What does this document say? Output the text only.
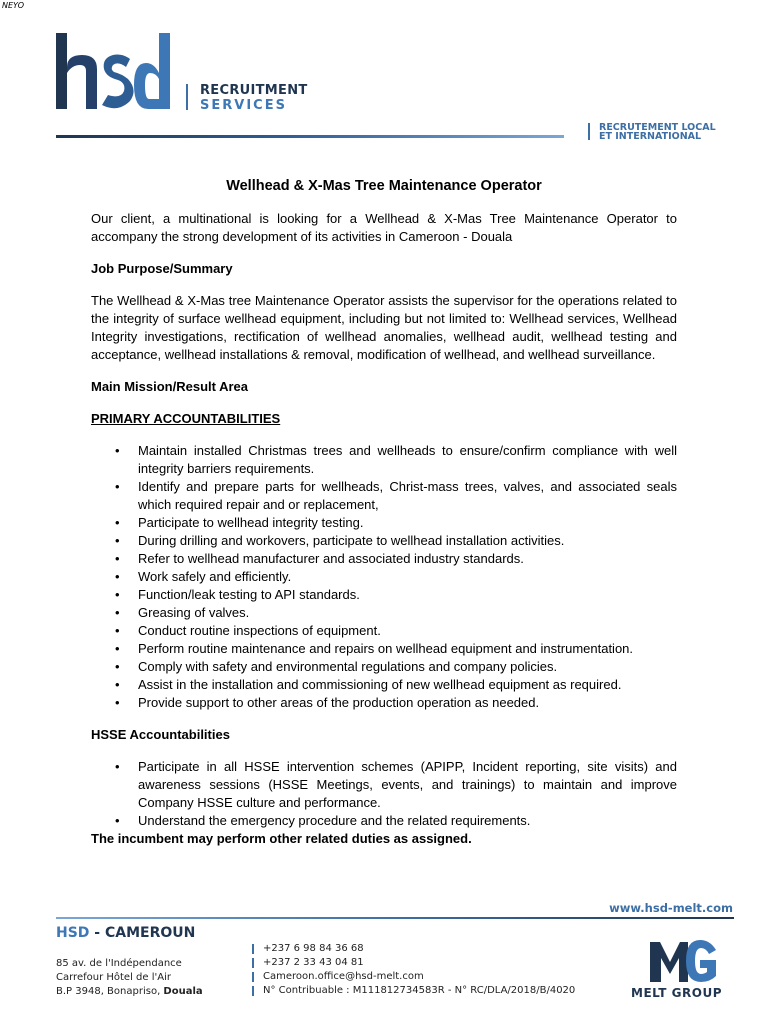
NEYO
RECRUITMENT
SERVICES
RECRUTEMENT LOCAL
ET INTERNATIONAL
Wellhead & X-Mas Tree Maintenance Operator

Our client, a multinational is looking for a Wellhead & X-Mas Tree Maintenance Operator to accompany the strong development of its activities in Cameroon - Douala

Job Purpose/Summary

The Wellhead & X-Mas tree Maintenance Operator assists the supervisor for the operations related to the integrity of surface wellhead equipment, including but not limited to: Wellhead services, Wellhead Integrity investigations, rectification of wellhead anomalies, wellhead audit, wellhead testing and acceptance, wellhead installations & removal, modification of wellhead, and wellhead surveillance.

Main Mission/Result Area
PRIMARY ACCOUNTABILITIES
• Maintain installed Christmas trees and wellheads to ensure/confirm compliance with well integrity barriers requirements.
• Identify and prepare parts for wellheads, Christ-mass trees, valves, and associated seals which required repair and or replacement,
• Participate to wellhead integrity testing.
• During drilling and workovers, participate to wellhead installation activities.
• Refer to wellhead manufacturer and associated industry standards.
• Work safely and efficiently.
• Function/leak testing to API standards.
• Greasing of valves.
• Conduct routine inspections of equipment.
• Perform routine maintenance and repairs on wellhead equipment and instrumentation.
• Comply with safety and environmental regulations and company policies.
• Assist in the installation and commissioning of new wellhead equipment as required.
• Provide support to other areas of the production operation as needed.
HSSE Accountabilities
• Participate in all HSSE intervention schemes (APIPP, Incident reporting, site visits) and awareness sessions (HSSE Meetings, events, and trainings) to maintain and improve Company HSSE culture and performance.
• Understand the emergency procedure and the related requirements.
The incumbent may perform other related duties as assigned.
www.hsd-melt.com
HSD - CAMEROUN
85 av. de l'Indépendance
Carrefour Hôtel de l'Air
B.P 3948, Bonapriso, Douala
+237 6 98 84 36 68
+237 2 33 43 04 81
Cameroon.office@hsd-melt.com
N° Contribuable : M111812734583R - N° RC/DLA/2018/B/4020	MELT GROUP
